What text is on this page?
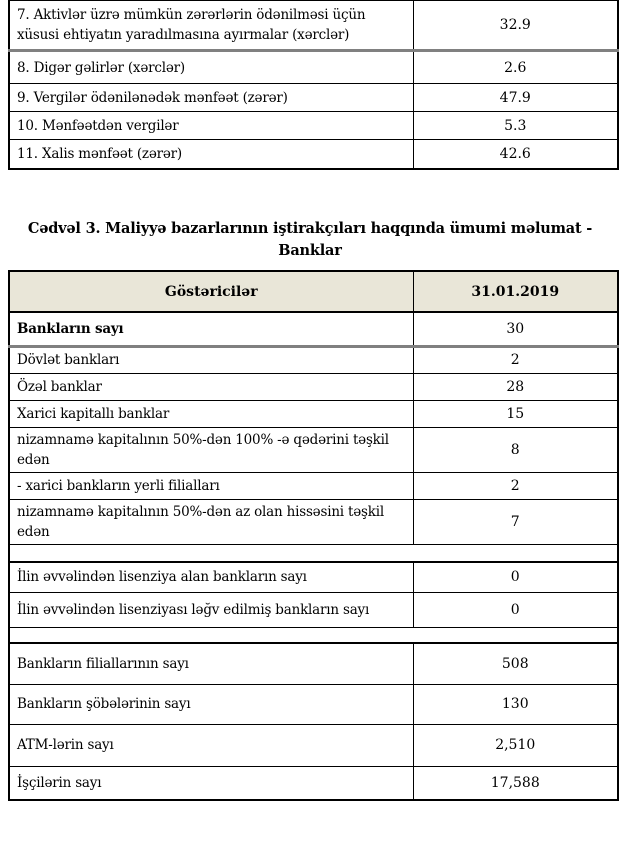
7. Aktivlər üzrə mümkün zərərlərin ödənilməsi üçün xüsusi ehtiyatın yaradılmasına ayırmalar (xərclər)	32.9
8. Digər gəlirlər (xərclər)	2.6
9. Vergilər ödənilənədək mənfəət (zərər)	47.9
10. Mənfəətdən vergilər	5.3
11. Xalis mənfəət (zərər)	42.6
Cədvəl 3. Maliyyə bazarlarının iştirakçıları haqqında ümumi məlumat -
Banklar
Göstəricilər	31.01.2019
Bankların sayı	30
Dövlət bankları	2
Özəl banklar	28
Xarici kapitallı banklar	15
nizamnamə kapitalının 50%-dən 100% -ə qədərini təşkil edən	8
- xarici bankların yerli filialları	2
nizamnamə kapitalının 50%-dən az olan hissəsini təşkil edən	7

İlin əvvəlindən lisenziya alan bankların sayı	0
İlin əvvəlindən lisenziyası ləğv edilmiş bankların sayı	0

Bankların filiallarının sayı	508
Bankların şöbələrinin sayı	130
ATM-lərin sayı	2,510
İşçilərin sayı	17,588
